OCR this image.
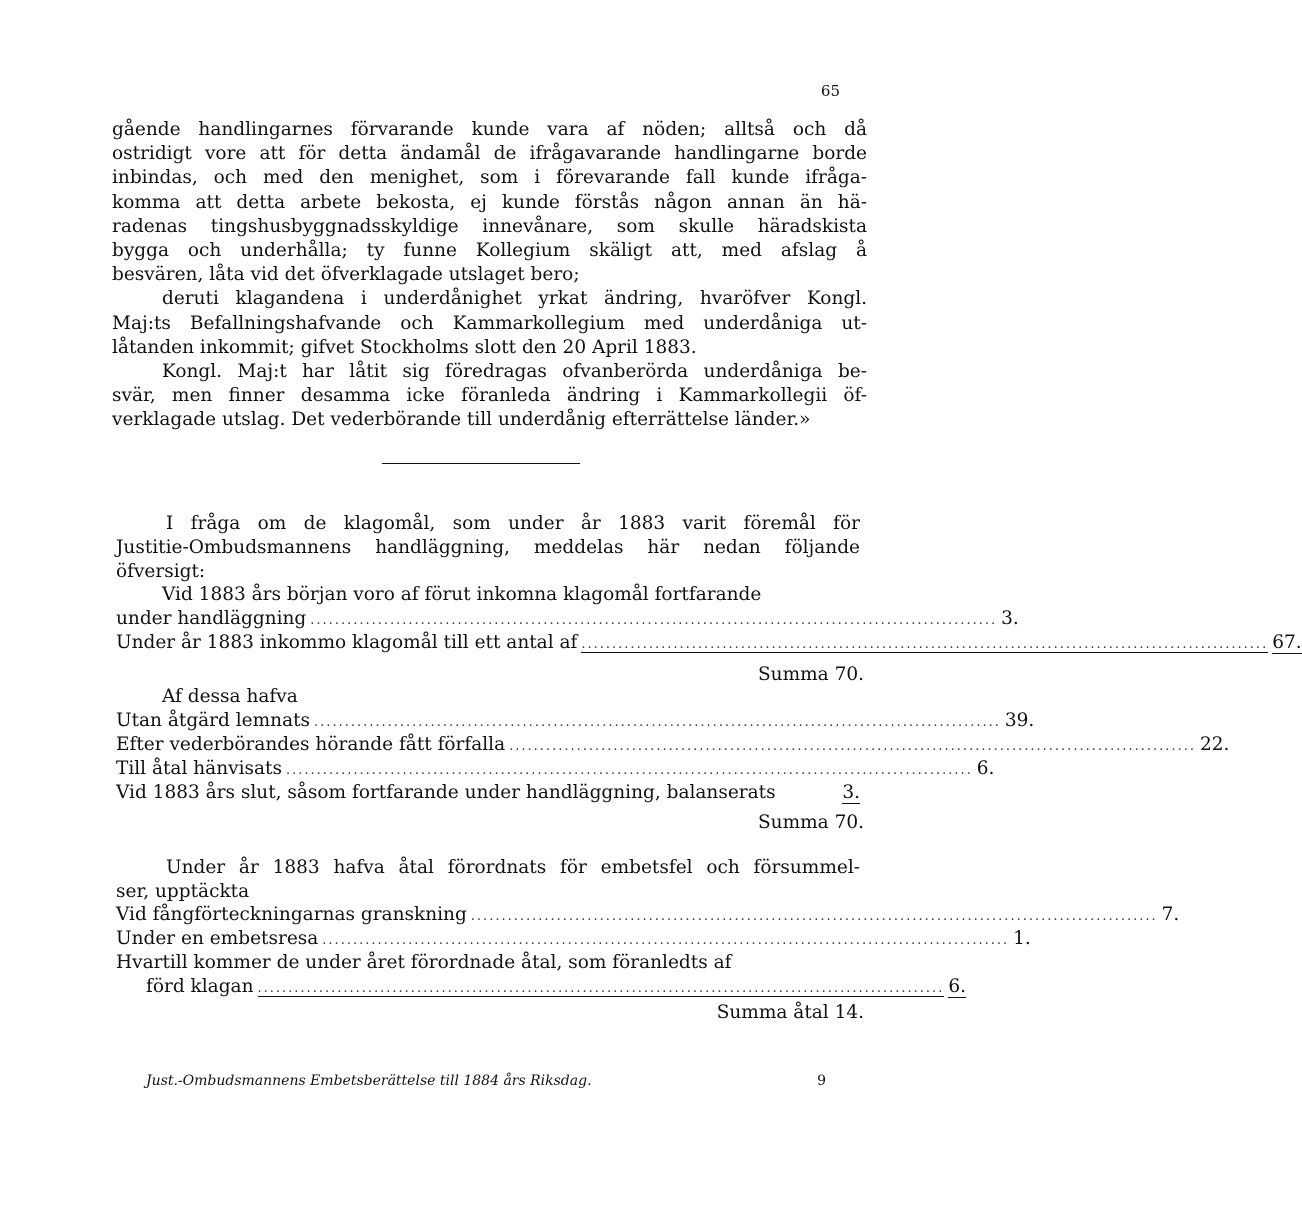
65
gående handlingarnes förvarande kunde vara af nöden; alltså och då
ostridigt vore att för detta ändamål de ifrågavarande handlingarne borde
inbindas, och med den menighet, som i förevarande fall kunde ifråga-
komma att detta arbete bekosta, ej kunde förstås någon annan än hä-
radenas tingshusbyggnadsskyldige innevånare, som skulle häradskista
bygga och underhålla; ty funne Kollegium skäligt att, med afslag å
besvären, låta vid det öfverklagade utslaget bero;
deruti klagandena i underdånighet yrkat ändring, hvaröfver Kongl.
Maj:ts Befallningshafvande och Kammarkollegium med underdåniga ut-
låtanden inkommit; gifvet Stockholms slott den 20 April 1883.
Kongl. Maj:t har låtit sig föredragas ofvanberörda underdåniga be-
svär, men finner desamma icke föranleda ändring i Kammarkollegii öf-
verklagade utslag. Det vederbörande till underdånig efterrättelse länder.»
I fråga om de klagomål, som under år 1883 varit föremål för
Justitie-Ombudsmannens handläggning, meddelas här nedan följande
öfversigt:
Vid 1883 års början voro af förut inkomna klagomål fortfarande
under handläggning ................................................................................................................ 3.
Under år 1883 inkommo klagomål till ett antal af ................................................................................................................ 67.
Summa 70.
Af dessa hafva
Utan åtgärd lemnats ................................................................................................................ 39.
Efter vederbörandes hörande fått förfalla ................................................................................................................ 22.
Till åtal hänvisats ................................................................................................................ 6.
Vid 1883 års slut, såsom fortfarande under handläggning, balanserats	3.
Summa 70.
Under år 1883 hafva åtal förordnats för embetsfel och försummel-
ser, upptäckta
Vid fångförteckningarnas granskning ................................................................................................................ 7.
Under en embetsresa ................................................................................................................ 1.
Hvartill kommer de under året förordnade åtal, som föranledts af
förd klagan ................................................................................................................ 6.
Summa åtal 14.
Just.-Ombudsmannens Embetsberättelse till 1884 års Riksdag.	9
